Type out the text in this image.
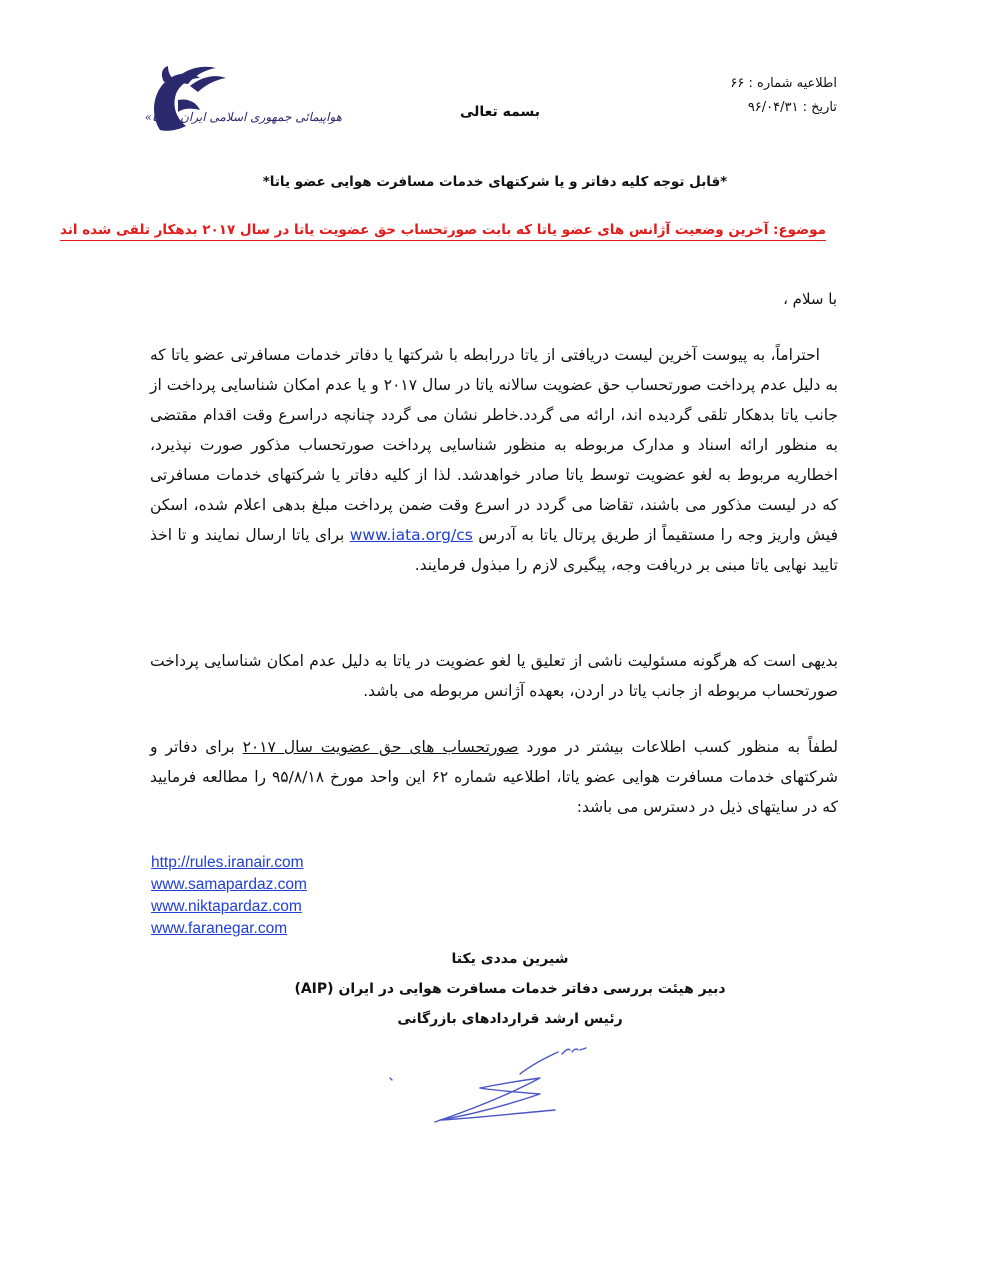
اطلاعیه شماره : ۶۶
تاریخ : ۹۶/۰۴/۳۱
بسمه تعالی
هواپیمائی جمهوری اسلامی ایران «هما»
*قابل توجه کلیه دفاتر و یا شرکتهای خدمات مسافرت هوایی عضو یاتا*
موضوع: آخرین وضعیت آژانس های عضو یاتا که بابت صورتحساب حق عضویت یاتا در سال ۲۰۱۷ بدهکار تلقی شده اند
با سلام ،
احتراماً، به پیوست آخرین لیست دریافتی از یاتا دررابطه با شرکتها یا دفاتر خدمات مسافرتی عضو یاتا که به دلیل عدم پرداخت صورتحساب حق عضویت سالانه یاتا در سال ۲۰۱۷ و یا عدم امکان شناسایی پرداخت از جانب یاتا بدهکار تلقی گردیده اند، ارائه می گردد.خاطر نشان می گردد چنانچه دراسرع وقت اقدام مقتضی به منظور ارائه اسناد و مدارک مربوطه به منظور شناسایی پرداخت صورتحساب مذکور صورت نپذیرد، اخطاریه مربوط به لغو عضویت توسط یاتا صادر خواهدشد. لذا از کلیه دفاتر یا شرکتهای خدمات مسافرتی که در لیست مذکور می باشند، تقاضا می گردد در اسرع وقت ضمن پرداخت مبلغ بدهی اعلام شده، اسکن فیش واریز وجه را مستقیماً از طریق پرتال یاتا به آدرس www.iata.org/cs برای یاتا ارسال نمایند و تا اخذ تایید نهایی یاتا مبنی بر دریافت وجه، پیگیری لازم را مبذول فرمایند.
بدیهی است که هرگونه مسئولیت ناشی از تعلیق یا لغو عضویت در یاتا به دلیل عدم امکان شناسایی پرداخت صورتحساب مربوطه از جانب یاتا در اردن، بعهده آژانس مربوطه می باشد.
لطفاً به منظور کسب اطلاعات بیشتر در مورد صورتحساب های حق عضویت سال ۲۰۱۷ برای دفاتر و شرکتهای خدمات مسافرت هوایی عضو یاتا، اطلاعیه شماره ۶۲ این واحد مورخ ۹۵/۸/۱۸ را مطالعه فرمایید که در سایتهای ذیل در دسترس می باشد:
http://rules.iranair.com
www.samapardaz.com
www.niktapardaz.com
www.faranegar.com
شیرین مددی یکتا
دبیر هیئت بررسی دفاتر خدمات مسافرت هوایی در ایران (AIP)
رئیس ارشد قراردادهای بازرگانی
